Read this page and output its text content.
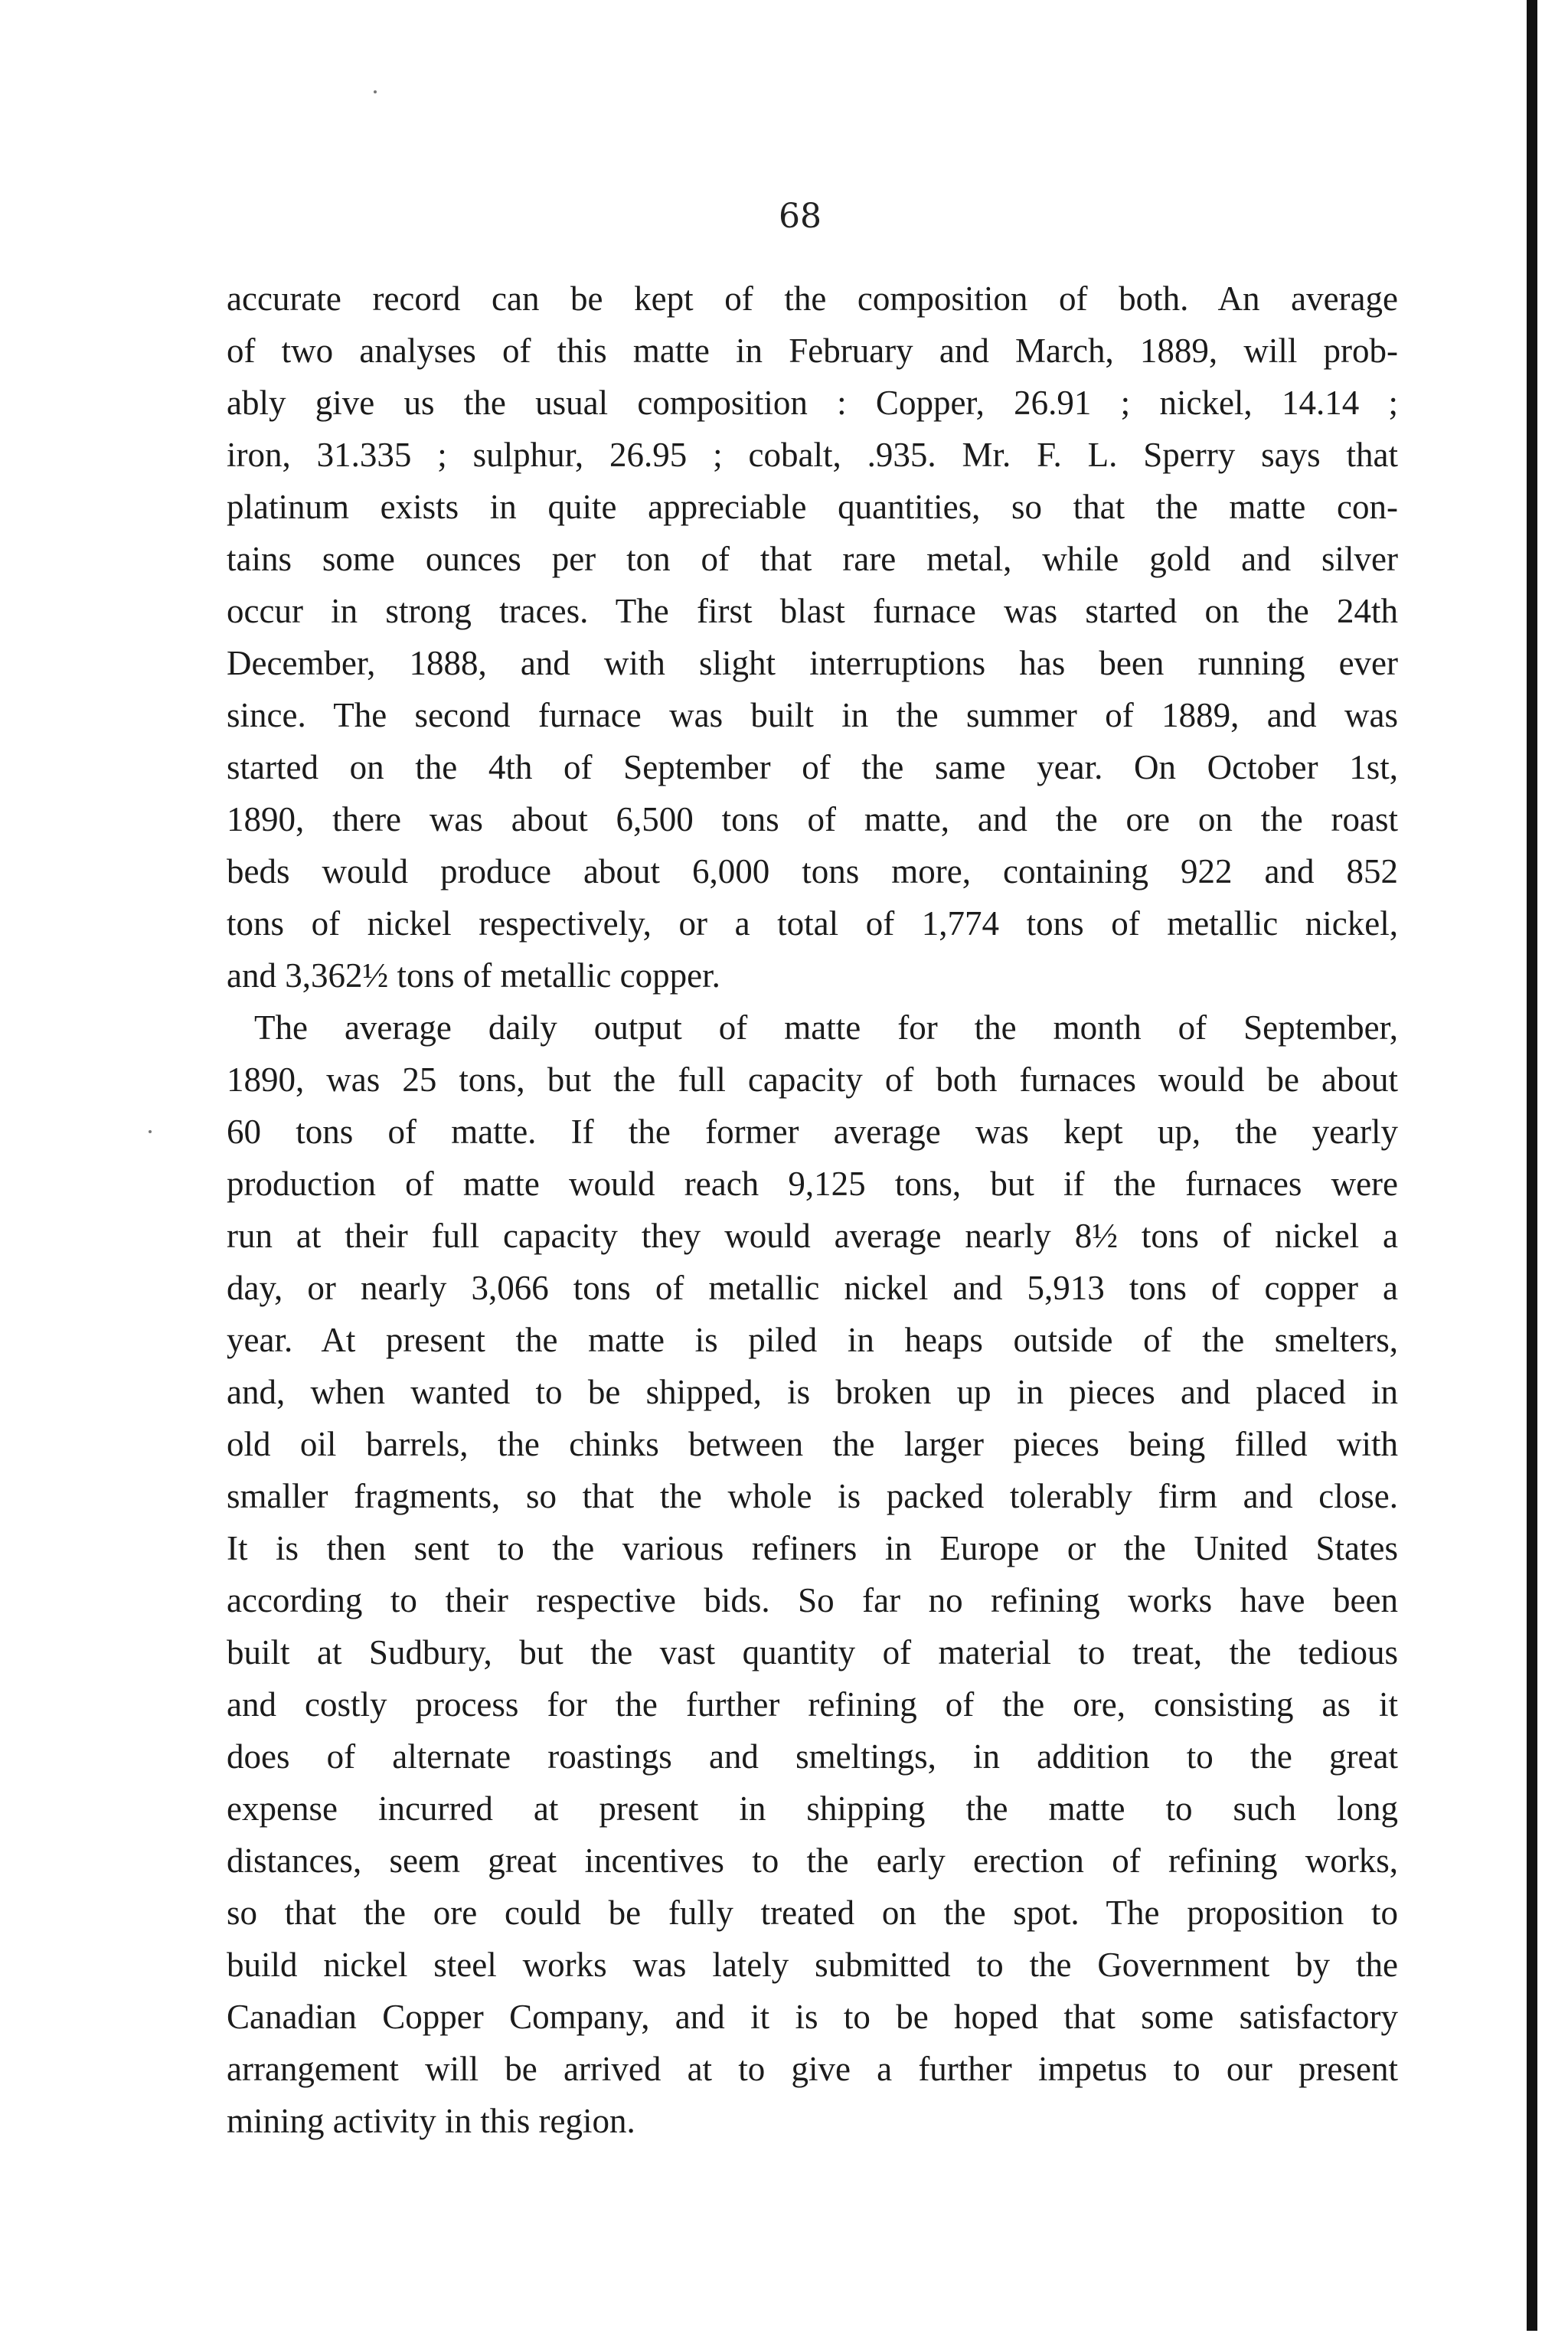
68
accurate record can be kept of the composition of both. An average
of two analyses of this matte in February and March, 1889, will prob-
ably give us the usual composition : Copper, 26.91 ; nickel, 14.14 ;
iron, 31.335 ; sulphur, 26.95 ; cobalt, .935. Mr. F. L. Sperry says that
platinum exists in quite appreciable quantities, so that the matte con-
tains some ounces per ton of that rare metal, while gold and silver
occur in strong traces. The first blast furnace was started on the 24th
December, 1888, and with slight interruptions has been running ever
since. The second furnace was built in the summer of 1889, and was
started on the 4th of September of the same year. On October 1st,
1890, there was about 6,500 tons of matte, and the ore on the roast
beds would produce about 6,000 tons more, containing 922 and 852
tons of nickel respectively, or a total of 1,774 tons of metallic nickel,
and 3,362½ tons of metallic copper.
The average daily output of matte for the month of September,
1890, was 25 tons, but the full capacity of both furnaces would be about
60 tons of matte. If the former average was kept up, the yearly
production of matte would reach 9,125 tons, but if the furnaces were
run at their full capacity they would average nearly 8½ tons of nickel a
day, or nearly 3,066 tons of metallic nickel and 5,913 tons of copper a
year. At present the matte is piled in heaps outside of the smelters,
and, when wanted to be shipped, is broken up in pieces and placed in
old oil barrels, the chinks between the larger pieces being filled with
smaller fragments, so that the whole is packed tolerably firm and close.
It is then sent to the various refiners in Europe or the United States
according to their respective bids. So far no refining works have been
built at Sudbury, but the vast quantity of material to treat, the tedious
and costly process for the further refining of the ore, consisting as it
does of alternate roastings and smeltings, in addition to the great
expense incurred at present in shipping the matte to such long
distances, seem great incentives to the early erection of refining works,
so that the ore could be fully treated on the spot. The proposition to
build nickel steel works was lately submitted to the Government by the
Canadian Copper Company, and it is to be hoped that some satisfactory
arrangement will be arrived at to give a further impetus to our present
mining activity in this region.
